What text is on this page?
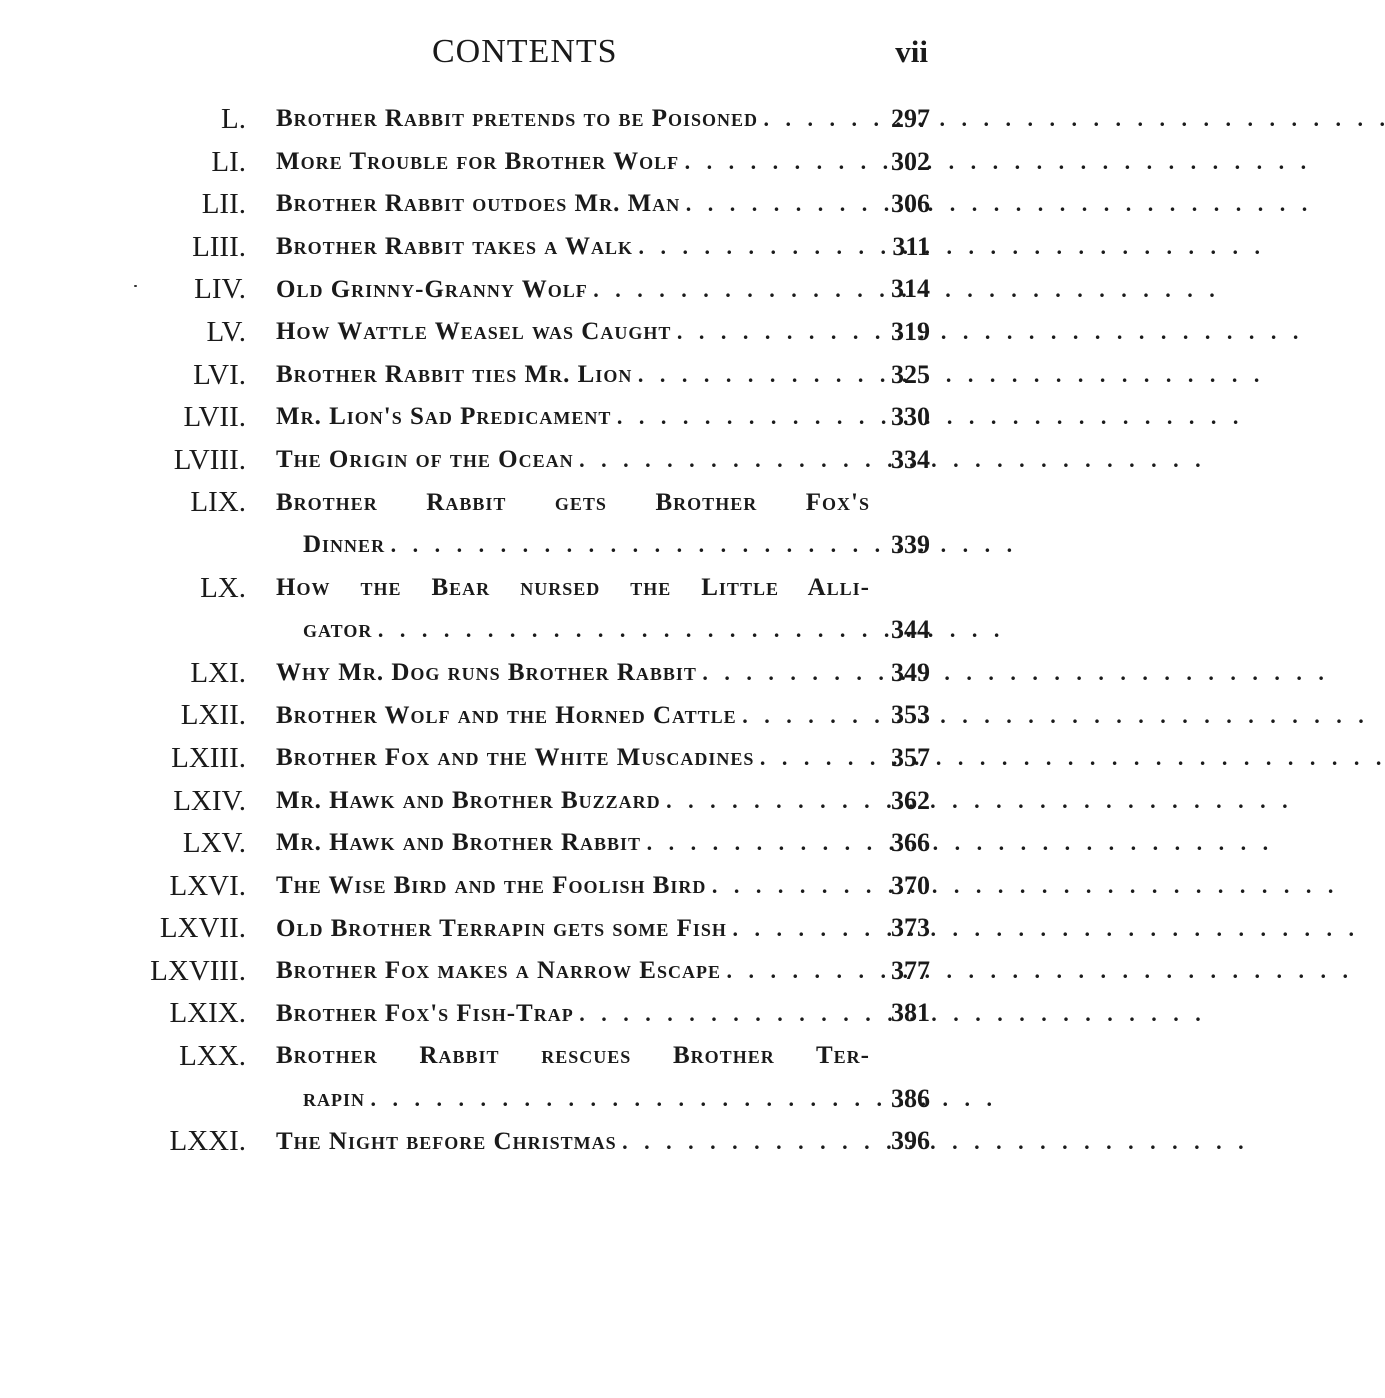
CONTENTS	vii
L. Brother Rabbit pretends to be Poisoned . .	297
LI. More Trouble for Brother Wolf . .	302
LII. Brother Rabbit outdoes Mr. Man . .	306
LIII. Brother Rabbit takes a Walk . .	311
LIV. Old Grinny-Granny Wolf . .	314
LV. How Wattle Weasel was Caught . .	319
LVI. Brother Rabbit ties Mr. Lion . .	325
LVII. Mr. Lion's Sad Predicament . .	330
LVIII. The Origin of the Ocean . .	334
LIX. Brother Rabbit gets Brother Fox's
Dinner . .	339
LX. How the Bear nursed the Little Alli-
gator . .	344
LXI. Why Mr. Dog runs Brother Rabbit . .	349
LXII. Brother Wolf and the Horned Cattle . .	353
LXIII. Brother Fox and the White Muscadines . .	357
LXIV. Mr. Hawk and Brother Buzzard . .	362
LXV. Mr. Hawk and Brother Rabbit . .	366
LXVI. The Wise Bird and the Foolish Bird . .	370
LXVII. Old Brother Terrapin gets some Fish . .	373
LXVIII. Brother Fox makes a Narrow Escape . .	377
LXIX. Brother Fox's Fish-Trap . .	381
LXX. Brother Rabbit rescues Brother Ter-
rapin . .	386
LXXI. The Night before Christmas . .	396
